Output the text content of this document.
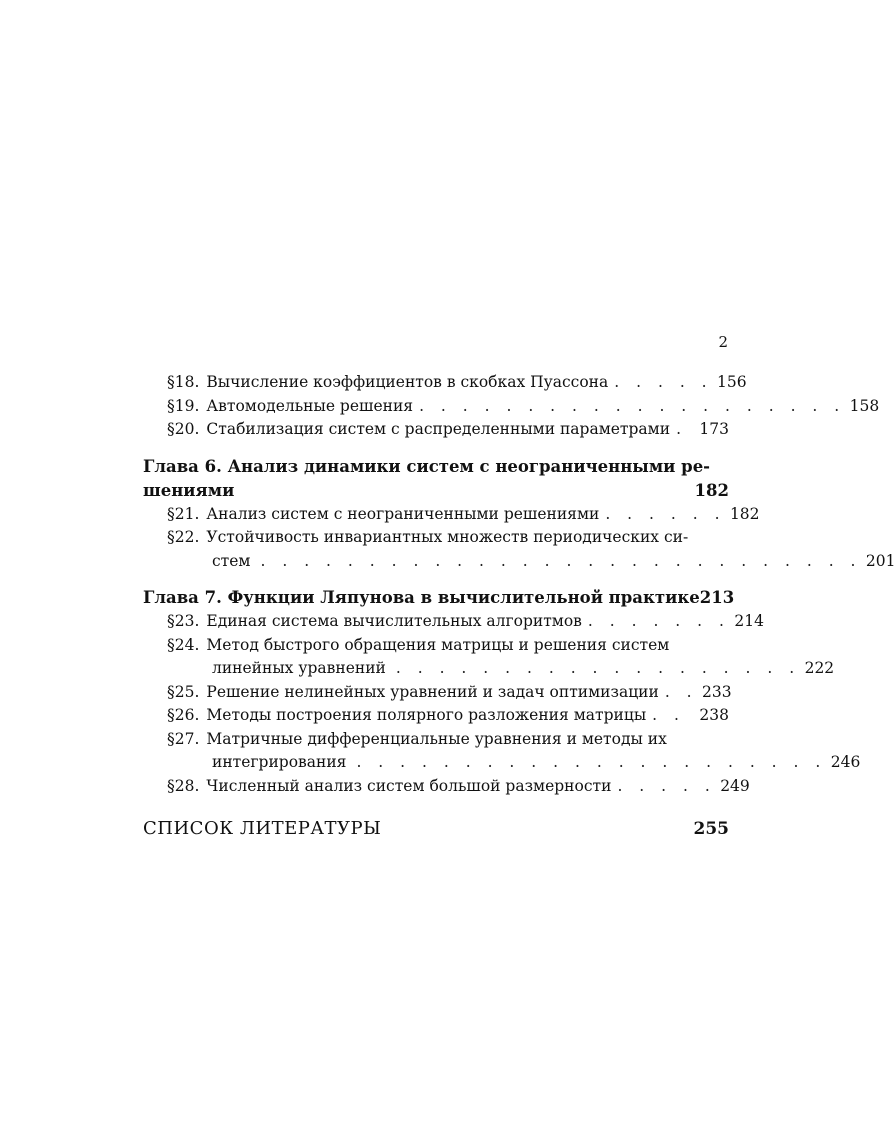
2
§18. Вычисление коэффициентов в скобках Пуассона . . . . . 156
§19. Автомодельные решения . . . . . . . . . . . . . . . . . . . . 158
§20. Стабилизация систем с распределенными параметрами . 173
Глава 6. Анализ динамики систем с неограниченными ре-
шениями	182
§21. Анализ систем с неограниченными решениями . . . . . . 182
§22. Устойчивость инвариантных множеств периодических си-
стем . . . . . . . . . . . . . . . . . . . . . . . . . . . . 201
Глава 7. Функции Ляпунова в вычислительной практике 213
§23. Единая система вычислительных алгоритмов . . . . . . . 214
§24. Метод быстрого обращения матрицы и решения систем
линейных уравнений . . . . . . . . . . . . . . . . . . . 222
§25. Решение нелинейных уравнений и задач оптимизации . . 233
§26. Методы построения полярного разложения матрицы . . 238
§27. Матричные дифференциальные уравнения и методы их
интегрирования . . . . . . . . . . . . . . . . . . . . . . 246
§28. Численный анализ систем большой размерности . . . . . 249
СПИСОК ЛИТЕРАТУРЫ	255
